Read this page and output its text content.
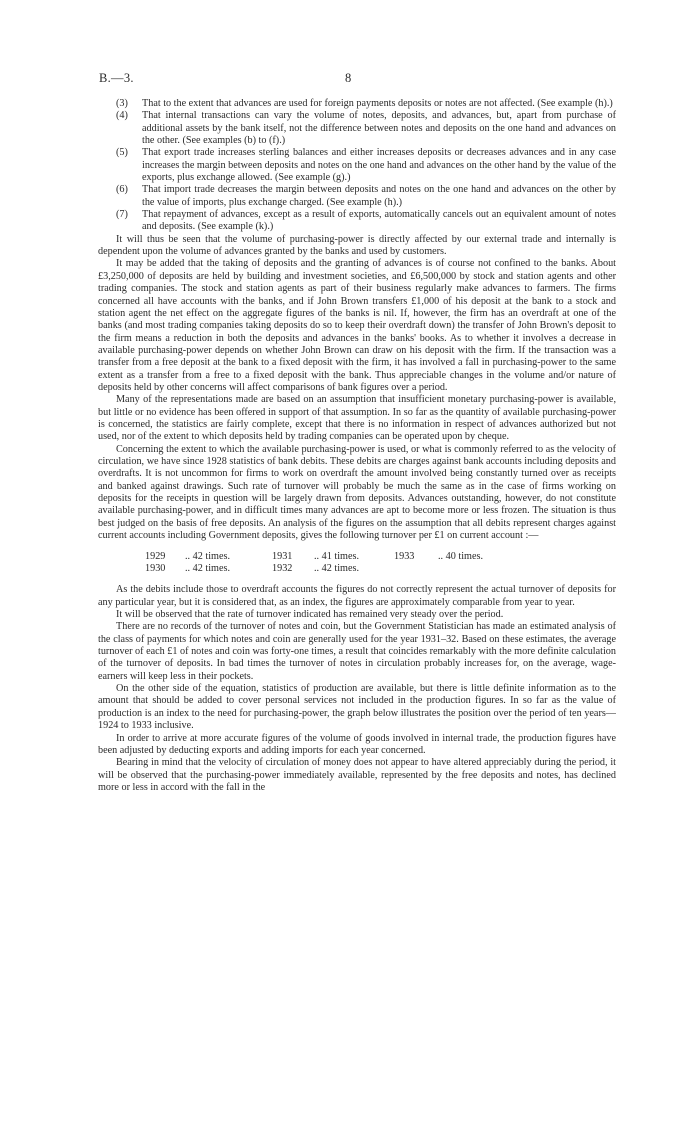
B.—3.	8
(3) That to the extent that advances are used for foreign payments deposits or notes are not affected. (See example (h).)
(4) That internal transactions can vary the volume of notes, deposits, and advances, but, apart from purchase of additional assets by the bank itself, not the difference between notes and deposits on the one hand and advances on the other. (See examples (b) to (f).)
(5) That export trade increases sterling balances and either increases deposits or decreases advances and in any case increases the margin between deposits and notes on the one hand and advances on the other hand by the value of the exports, plus exchange allowed. (See example (g).)
(6) That import trade decreases the margin between deposits and notes on the one hand and advances on the other by the value of imports, plus exchange charged. (See example (h).)
(7) That repayment of advances, except as a result of exports, automatically cancels out an equivalent amount of notes and deposits. (See example (k).)

It will thus be seen that the volume of purchasing-power is directly affected by our external trade and internally is dependent upon the volume of advances granted by the banks and used by customers.

It may be added that the taking of deposits and the granting of advances is of course not confined to the banks. About £3,250,000 of deposits are held by building and investment societies, and £6,500,000 by stock and station agents and other trading companies. The stock and station agents as part of their business regularly make advances to farmers. The firms concerned all have accounts with the banks, and if John Brown transfers £1,000 of his deposit at the bank to a stock and station agent the net effect on the aggregate figures of the banks is nil. If, however, the firm has an overdraft at one of the banks (and most trading companies taking deposits do so to keep their overdraft down) the transfer of John Brown's deposit to the firm means a reduction in both the deposits and advances in the banks' books. As to whether it involves a decrease in available purchasing-power depends on whether John Brown can draw on his deposit with the firm. If the transaction was a transfer from a free deposit at the bank to a fixed deposit with the firm, it has involved a fall in purchasing-power to the same extent as a transfer from a free to a fixed deposit with the bank. Thus appreciable changes in the volume and/or nature of deposits held by other concerns will affect comparisons of bank figures over a period.

Many of the representations made are based on an assumption that insufficient monetary purchasing-power is available, but little or no evidence has been offered in support of that assumption. In so far as the quantity of available purchasing-power is concerned, the statistics are fairly complete, except that there is no information in respect of advances authorized but not used, nor of the extent to which deposits held by trading companies can be operated upon by cheque.

Concerning the extent to which the available purchasing-power is used, or what is commonly referred to as the velocity of circulation, we have since 1928 statistics of bank debits. These debits are charges against bank accounts including deposits and overdrafts. It is not uncommon for firms to work on overdraft the amount involved being constantly turned over as receipts and banked against drawings. Such rate of turnover will probably be much the same as in the case of firms working on deposits for the receipts in question will be largely drawn from deposits. Advances outstanding, however, do not constitute available purchasing-power, and in difficult times many advances are apt to become more or less frozen. The situation is thus best judged on the basis of free deposits. An analysis of the figures on the assumption that all debits represent charges against current accounts including Government deposits, gives the following turnover per £1 on current account :—

1929 .. 42 times.
1930 .. 42 times.
1931 .. 41 times.
1932 .. 42 times.
1933 .. 40 times.

As the debits include those to overdraft accounts the figures do not correctly represent the actual turnover of deposits for any particular year, but it is considered that, as an index, the figures are approximately comparable from year to year.

It will be observed that the rate of turnover indicated has remained very steady over the period.

There are no records of the turnover of notes and coin, but the Government Statistician has made an estimated analysis of the class of payments for which notes and coin are generally used for the year 1931–32. Based on these estimates, the average turnover of each £1 of notes and coin was forty-one times, a result that coincides remarkably with the more definite calculation of the turnover of deposits. In bad times the turnover of notes in circulation probably increases for, on the average, wage-earners will keep less in their pockets.

On the other side of the equation, statistics of production are available, but there is little definite information as to the amount that should be added to cover personal services not included in the production figures. In so far as the value of production is an index to the need for purchasing-power, the graph below illustrates the position over the period of ten years—1924 to 1933 inclusive.

In order to arrive at more accurate figures of the volume of goods involved in internal trade, the production figures have been adjusted by deducting exports and adding imports for each year concerned.

Bearing in mind that the velocity of circulation of money does not appear to have altered appreciably during the period, it will be observed that the purchasing-power immediately available, represented by the free deposits and notes, has declined more or less in accord with the fall in the
